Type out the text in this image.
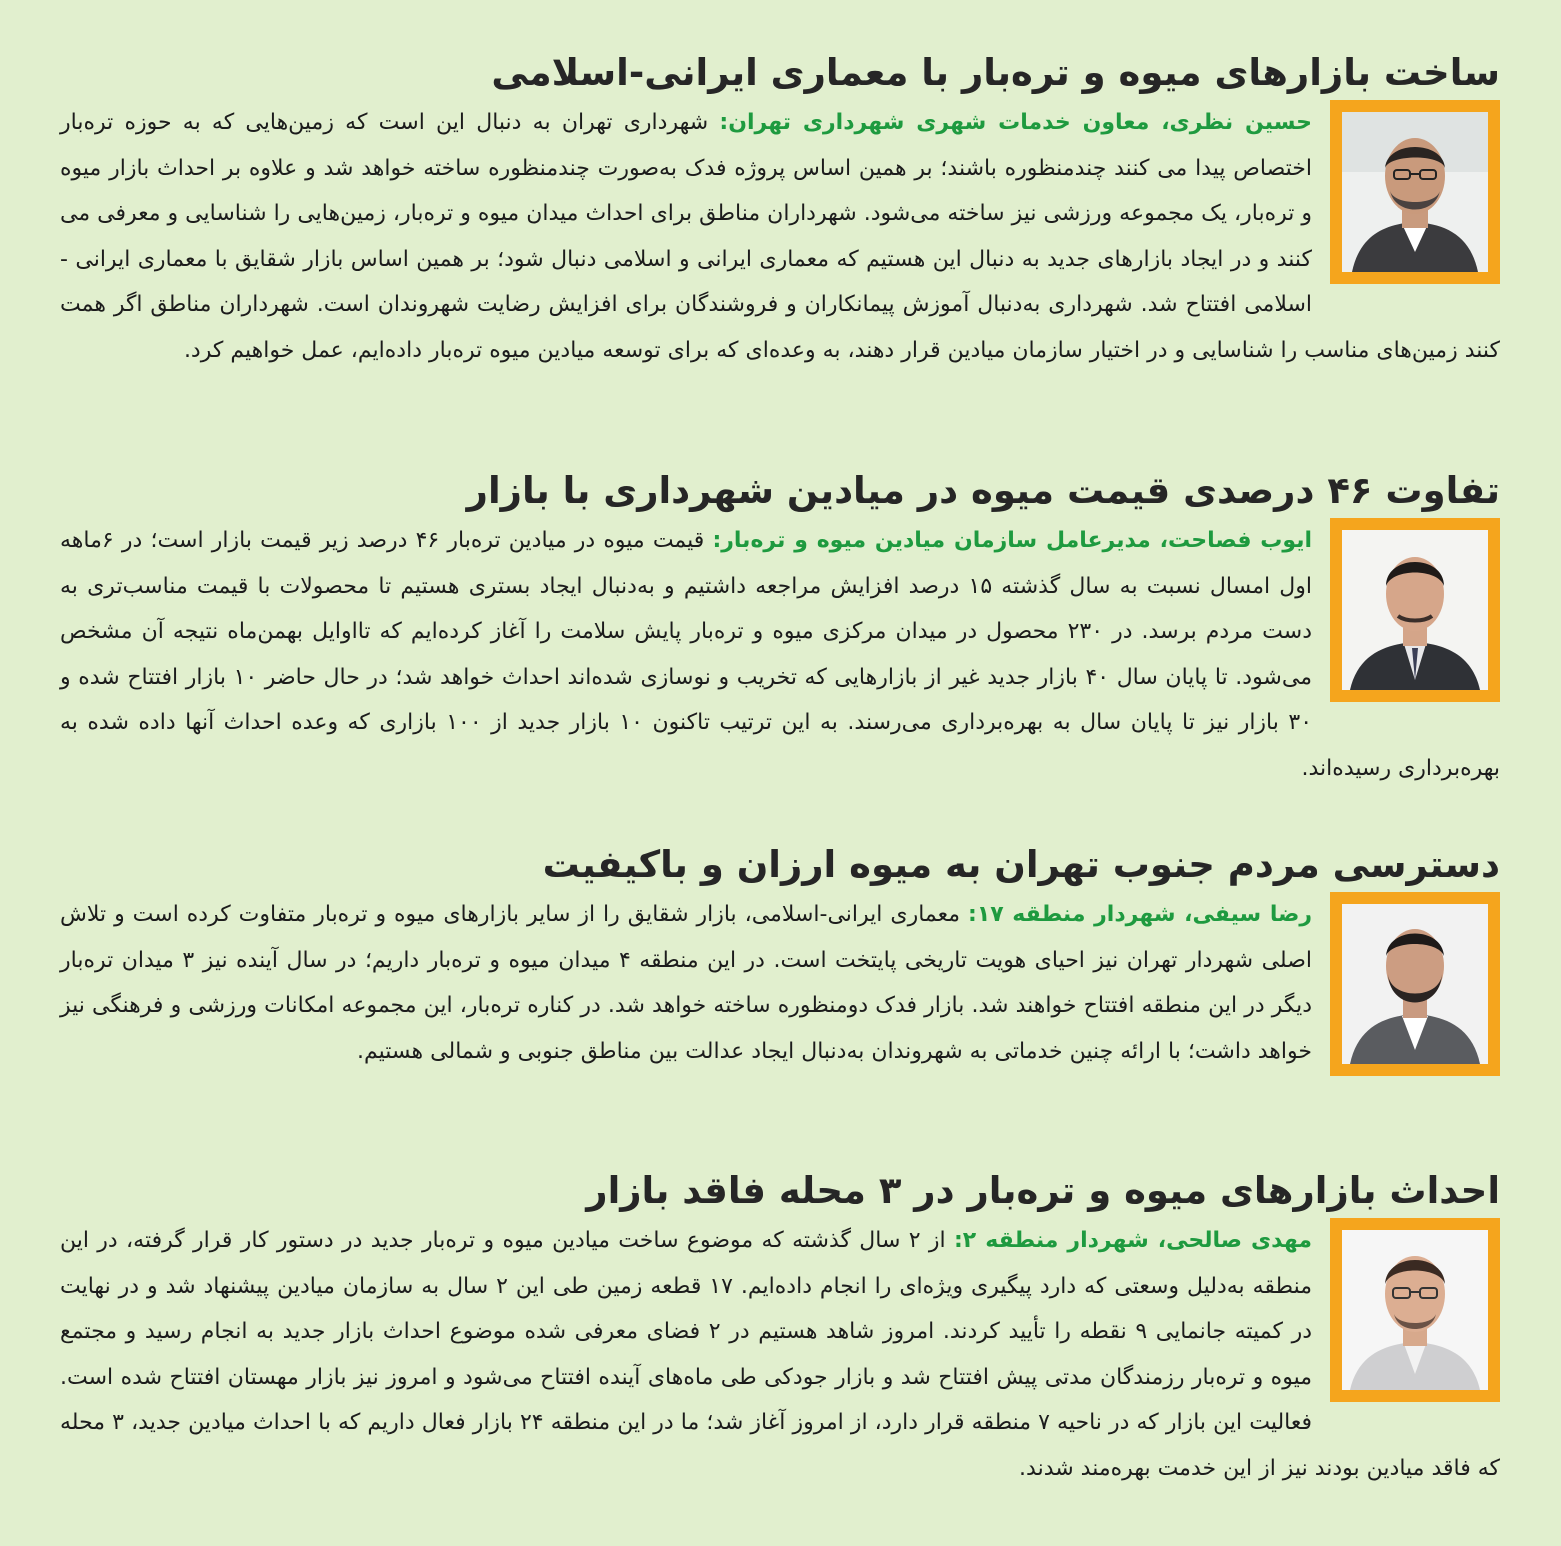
ساخت بازارهای میوه و تره‌بار با معماری ایرانی-اسلامی
حسین نظری، معاون خدمات شهری شهرداری تهران: شهرداری تهران به دنبال این است که زمین‌هایی که به حوزه تره‌بار اختصاص پیدا می کنند چندمنظوره باشند؛ بر همین اساس پروژه فدک به‌صورت چندمنظوره ساخته خواهد شد و علاوه بر احداث بازار میوه و تره‌بار، یک مجموعه ورزشی نیز ساخته می‌شود. شهرداران مناطق برای احداث میدان میوه و تره‌بار، زمین‌هایی را شناسایی و معرفی می کنند و در ایجاد بازارهای جدید به دنبال این هستیم که معماری ایرانی و اسلامی دنبال شود؛ بر همین اساس بازار شقایق با معماری ایرانی - اسلامی افتتاح شد. شهرداری به‌دنبال آموزش پیمانکاران و فروشندگان برای افزایش رضایت شهروندان است. شهرداران مناطق اگر همت کنند زمین‌های مناسب را شناسایی و در اختیار سازمان میادین قرار دهند، به وعده‌ای که برای توسعه میادین میوه تره‌بار داده‌ایم، عمل خواهیم کرد.
تفاوت ۴۶ درصدی قیمت میوه در میادین شهرداری با بازار
ایوب فصاحت، مدیرعامل سازمان میادین میوه و تره‌بار: قیمت میوه در میادین تره‌بار ۴۶ درصد زیر قیمت بازار است؛ در ۶ماهه اول امسال نسبت به سال گذشته ۱۵ درصد افزایش مراجعه داشتیم و به‌دنبال ایجاد بستری هستیم تا محصولات با قیمت مناسب‌تری به دست مردم برسد. در ۲۳۰ محصول در میدان مرکزی میوه و تره‌بار پایش سلامت را آغاز کرده‌ایم که تااوایل بهمن‌ماه نتیجه آن مشخص می‌شود. تا پایان سال ۴۰ بازار جدید غیر از بازارهایی که تخریب و نوسازی شده‌اند احداث خواهد شد؛ در حال حاضر ۱۰ بازار افتتاح شده و ۳۰ بازار نیز تا پایان سال به بهره‌برداری می‌رسند. به این ترتیب تاکنون ۱۰ بازار جدید از ۱۰۰ بازاری که وعده احداث آنها داده شده به بهره‌برداری رسیده‌اند.
دسترسی مردم جنوب تهران به میوه ارزان و باکیفیت
رضا سیفی، شهردار منطقه ۱۷: معماری ایرانی-اسلامی، بازار شقایق را از سایر بازارهای میوه و تره‌بار متفاوت کرده است و تلاش اصلی شهردار تهران نیز احیای هویت تاریخی پایتخت است. در این منطقه ۴ میدان میوه و تره‌بار داریم؛ در سال آینده نیز ۳ میدان تره‌بار دیگر در این منطقه افتتاح خواهند شد. بازار فدک دومنظوره ساخته خواهد شد. در کناره تره‌بار، این مجموعه امکانات ورزشی و فرهنگی نیز خواهد داشت؛ با ارائه چنین خدماتی به شهروندان به‌دنبال ایجاد عدالت بین مناطق جنوبی و شمالی هستیم.
احداث بازارهای میوه و تره‌بار در ۳ محله فاقد بازار
مهدی صالحی، شهردار منطقه ۲: از ۲ سال گذشته که موضوع ساخت میادین میوه و تره‌بار جدید در دستور کار قرار گرفته، در این منطقه به‌دلیل وسعتی که دارد پیگیری ویژه‌ای را انجام داده‌ایم. ۱۷ قطعه زمین طی این ۲ سال به سازمان میادین پیشنهاد شد و در نهایت در کمیته جانمایی ۹ نقطه را تأیید کردند. امروز شاهد هستیم در ۲ فضای معرفی شده موضوع احداث بازار جدید به انجام رسید و مجتمع میوه و تره‌بار رزمندگان مدتی پیش افتتاح شد و بازار جودکی طی ماه‌های آینده افتتاح می‌شود و امروز نیز بازار مهستان افتتاح شده است. فعالیت این بازار که در ناحیه ۷ منطقه قرار دارد، از امروز آغاز شد؛ ما در این منطقه ۲۴ بازار فعال داریم که با احداث میادین جدید، ۳ محله که فاقد میادین بودند نیز از این خدمت بهره‌مند شدند.
